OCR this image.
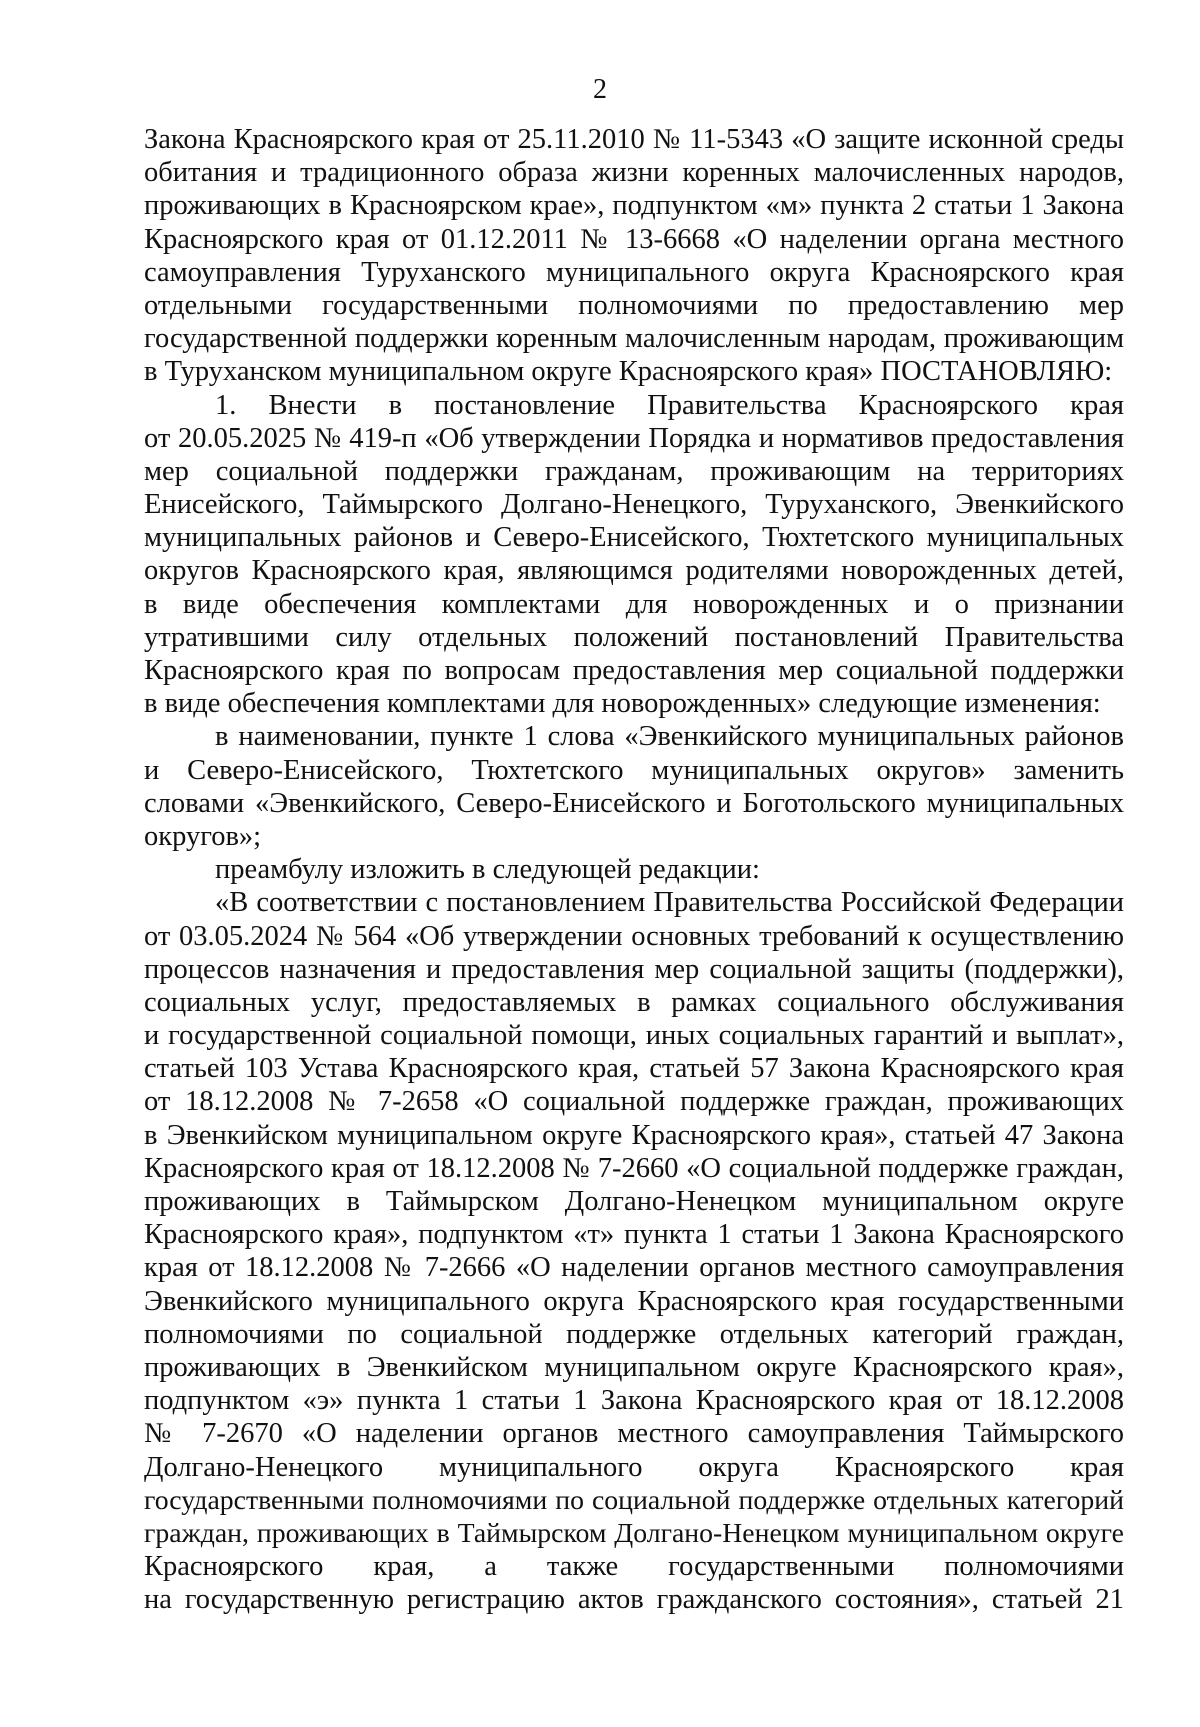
2
Закона Красноярского края от 25.11.2010 № 11-5343 «О защите исконной среды
обитания и традиционного образа жизни коренных малочисленных народов,
проживающих в Красноярском крае», подпунктом «м» пункта 2 статьи 1 Закона
Красноярского края от 01.12.2011 № 13-6668 «О наделении органа местного
самоуправления Туруханского муниципального округа Красноярского края
отдельными государственными полномочиями по предоставлению мер
государственной поддержки коренным малочисленным народам, проживающим
в Туруханском муниципальном округе Красноярского края» ПОСТАНОВЛЯЮ:
1. Внести в постановление Правительства Красноярского края
от 20.05.2025 № 419-п «Об утверждении Порядка и нормативов предоставления
мер социальной поддержки гражданам, проживающим на территориях
Енисейского, Таймырского Долгано-Ненецкого, Туруханского, Эвенкийского
муниципальных районов и Северо-Енисейского, Тюхтетского муниципальных
округов Красноярского края, являющимся родителями новорожденных детей,
в виде обеспечения комплектами для новорожденных и о признании
утратившими силу отдельных положений постановлений Правительства
Красноярского края по вопросам предоставления мер социальной поддержки
в виде обеспечения комплектами для новорожденных» следующие изменения:
в наименовании, пункте 1 слова «Эвенкийского муниципальных районов
и Северо-Енисейского, Тюхтетского муниципальных округов» заменить
словами «Эвенкийского, Северо-Енисейского и Боготольского муниципальных
округов»;
преамбулу изложить в следующей редакции:
«В соответствии с постановлением Правительства Российской Федерации
от 03.05.2024 № 564 «Об утверждении основных требований к осуществлению
процессов назначения и предоставления мер социальной защиты (поддержки),
социальных услуг, предоставляемых в рамках социального обслуживания
и государственной социальной помощи, иных социальных гарантий и выплат»,
статьей 103 Устава Красноярского края, статьей 57 Закона Красноярского края
от 18.12.2008 № 7-2658 «О социальной поддержке граждан, проживающих
в Эвенкийском муниципальном округе Красноярского края», статьей 47 Закона
Красноярского края от 18.12.2008 № 7-2660 «О социальной поддержке граждан,
проживающих в Таймырском Долгано-Ненецком муниципальном округе
Красноярского края», подпунктом «т» пункта 1 статьи 1 Закона Красноярского
края от 18.12.2008 № 7-2666 «О наделении органов местного самоуправления
Эвенкийского муниципального округа Красноярского края государственными
полномочиями по социальной поддержке отдельных категорий граждан,
проживающих в Эвенкийском муниципальном округе Красноярского края»,
подпунктом «э» пункта 1 статьи 1 Закона Красноярского края от 18.12.2008
№ 7-2670 «О наделении органов местного самоуправления Таймырского
Долгано-Ненецкого муниципального округа Красноярского края
государственными полномочиями по социальной поддержке отдельных категорий
граждан, проживающих в Таймырском Долгано-Ненецком муниципальном округе
Красноярского края, а также государственными полномочиями
на государственную регистрацию актов гражданского состояния», статьей 21
